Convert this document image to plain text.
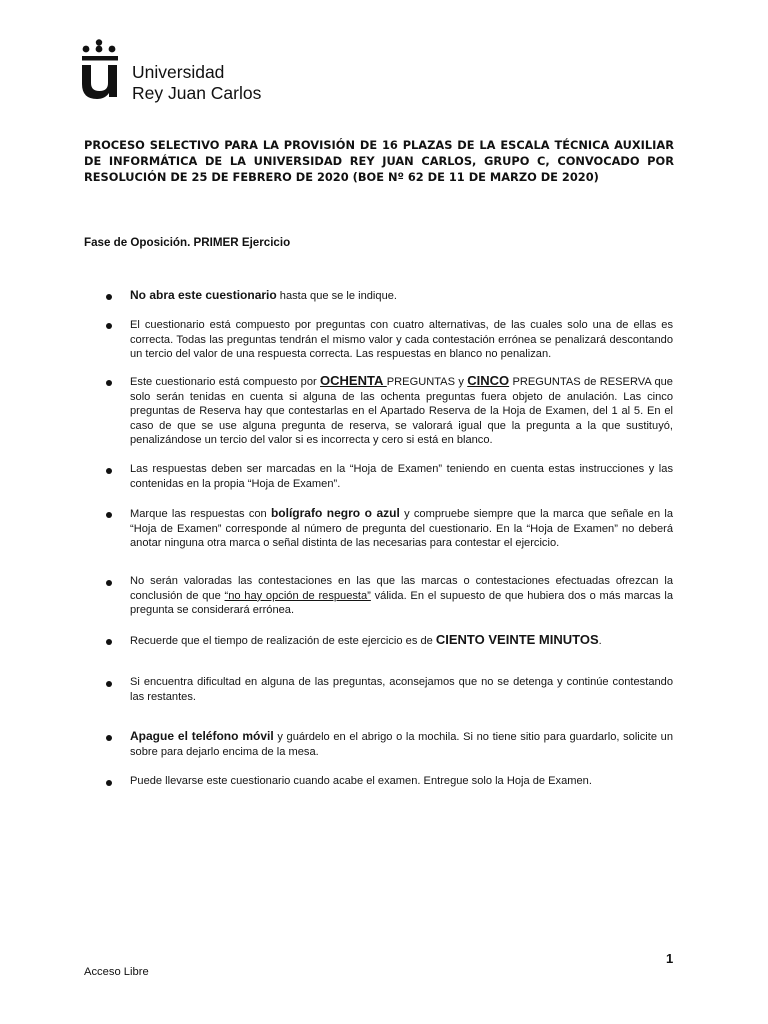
Universidad
Rey Juan Carlos
PROCESO SELECTIVO PARA LA PROVISIÓN DE 16 PLAZAS DE LA ESCALA TÉCNICA AUXILIAR DE INFORMÁTICA DE LA UNIVERSIDAD REY JUAN CARLOS, GRUPO C, CONVOCADO POR RESOLUCIÓN DE 25 DE FEBRERO DE 2020 (BOE Nº 62 DE 11 DE MARZO DE 2020)
Fase de Oposición. PRIMER Ejercicio
No abra este cuestionario hasta que se le indique.
El cuestionario está compuesto por preguntas con cuatro alternativas, de las cuales solo una de ellas es correcta. Todas las preguntas tendrán el mismo valor y cada contestación errónea se penalizará descontando un tercio del valor de una respuesta correcta. Las respuestas en blanco no penalizan.
Este cuestionario está compuesto por OCHENTA PREGUNTAS y CINCO PREGUNTAS de RESERVA que solo serán tenidas en cuenta si alguna de las ochenta preguntas fuera objeto de anulación. Las cinco preguntas de Reserva hay que contestarlas en el Apartado Reserva de la Hoja de Examen, del 1 al 5. En el caso de que se use alguna pregunta de reserva, se valorará igual que la pregunta a la que sustituyó, penalizándose un tercio del valor si es incorrecta y cero si está en blanco.
Las respuestas deben ser marcadas en la “Hoja de Examen” teniendo en cuenta estas instrucciones y las contenidas en la propia “Hoja de Examen”.
Marque las respuestas con bolígrafo negro o azul y compruebe siempre que la marca que señale en la “Hoja de Examen” corresponde al número de pregunta del cuestionario. En la “Hoja de Examen” no deberá anotar ninguna otra marca o señal distinta de las necesarias para contestar el ejercicio.
No serán valoradas las contestaciones en las que las marcas o contestaciones efectuadas ofrezcan la conclusión de que “no hay opción de respuesta” válida. En el supuesto de que hubiera dos o más marcas la pregunta se considerará errónea.
Recuerde que el tiempo de realización de este ejercicio es de CIENTO VEINTE MINUTOS.
Si encuentra dificultad en alguna de las preguntas, aconsejamos que no se detenga y continúe contestando las restantes.
Apague el teléfono móvil y guárdelo en el abrigo o la mochila. Si no tiene sitio para guardarlo, solicite un sobre para dejarlo encima de la mesa.
Puede llevarse este cuestionario cuando acabe el examen. Entregue solo la Hoja de Examen.
1
Acceso Libre
